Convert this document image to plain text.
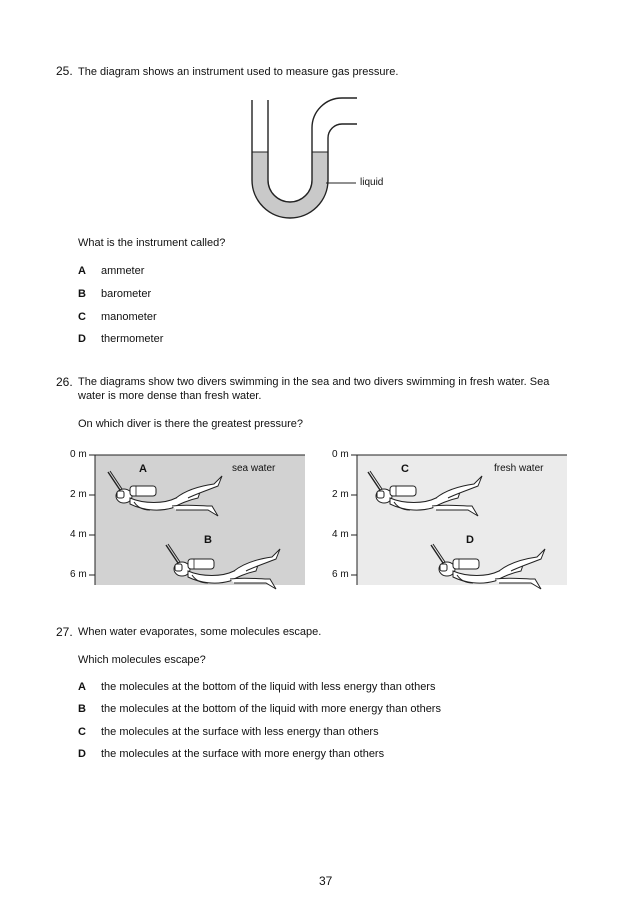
25. The diagram shows an instrument used to measure gas pressure.
liquid
What is the instrument called?
A ammeter
B barometer
C manometer
D thermometer
26. The diagrams show two divers swimming in the sea and two divers swimming in fresh water. Sea
water is more dense than fresh water.
On which diver is there the greatest pressure?
0 m
2 m
4 m
6 m
sea water
A
B
0 m
2 m
4 m
6 m
fresh water
C
D
27. When water evaporates, some molecules escape.
Which molecules escape?
A the molecules at the bottom of the liquid with less energy than others
B the molecules at the bottom of the liquid with more energy than others
C the molecules at the surface with less energy than others
D the molecules at the surface with more energy than others
37
